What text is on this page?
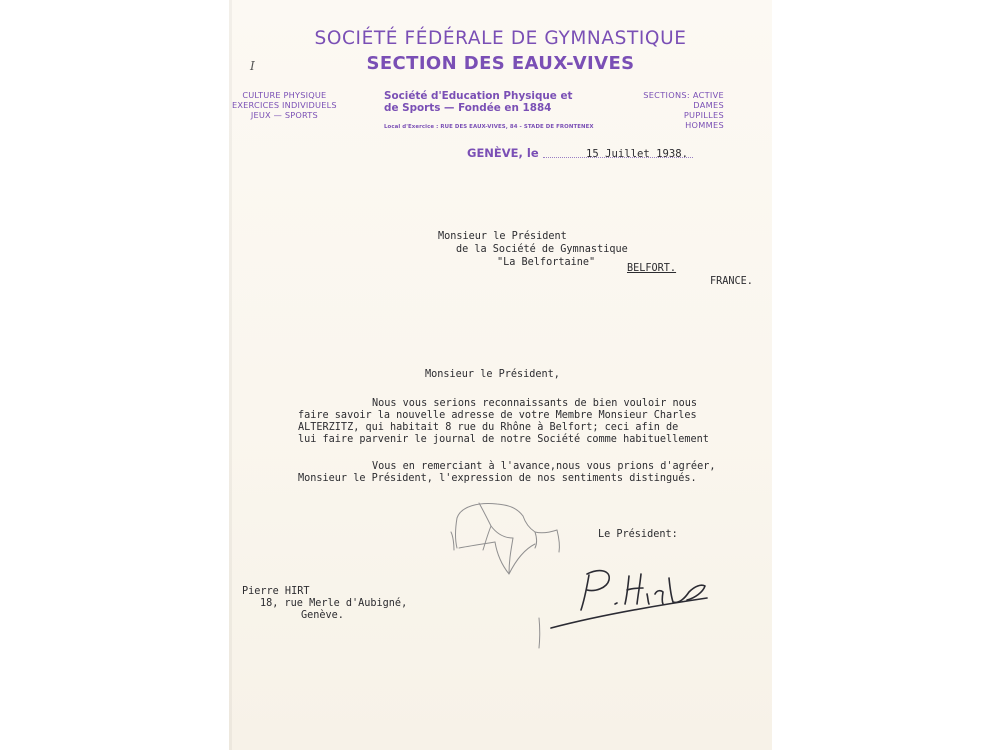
SOCIÉTÉ FÉDÉRALE DE GYMNASTIQUE
SECTION DES EAUX-VIVES
I
CULTURE PHYSIQUE
EXERCICES INDIVIDUELS
JEUX — SPORTS
Société d'Education Physique et
de Sports — Fondée en 1884
Local d'Exercice : RUE DES EAUX-VIVES, 84 - STADE DE FRONTENEX
SECTIONS: ACTIVE
DAMES
PUPILLES
HOMMES
GENÈVE, le	15 Juillet 1938.
Monsieur le Président
de la Société de Gymnastique
"La Belfortaine"
BELFORT.
FRANCE.
Monsieur le Président,
Nous vous serions reconnaissants de bien vouloir nous
faire savoir la nouvelle adresse de votre Membre Monsieur Charles
ALTERZITZ, qui habitait 8 rue du Rhône à Belfort; ceci afin de
lui faire parvenir le journal de notre Société comme habituellement
Vous en remerciant à l'avance,nous vous prions d'agréer,
Monsieur le Président, l'expression de nos sentiments distingués.
Le Président:
Pierre HIRT
18, rue Merle d'Aubigné,
Genève.
